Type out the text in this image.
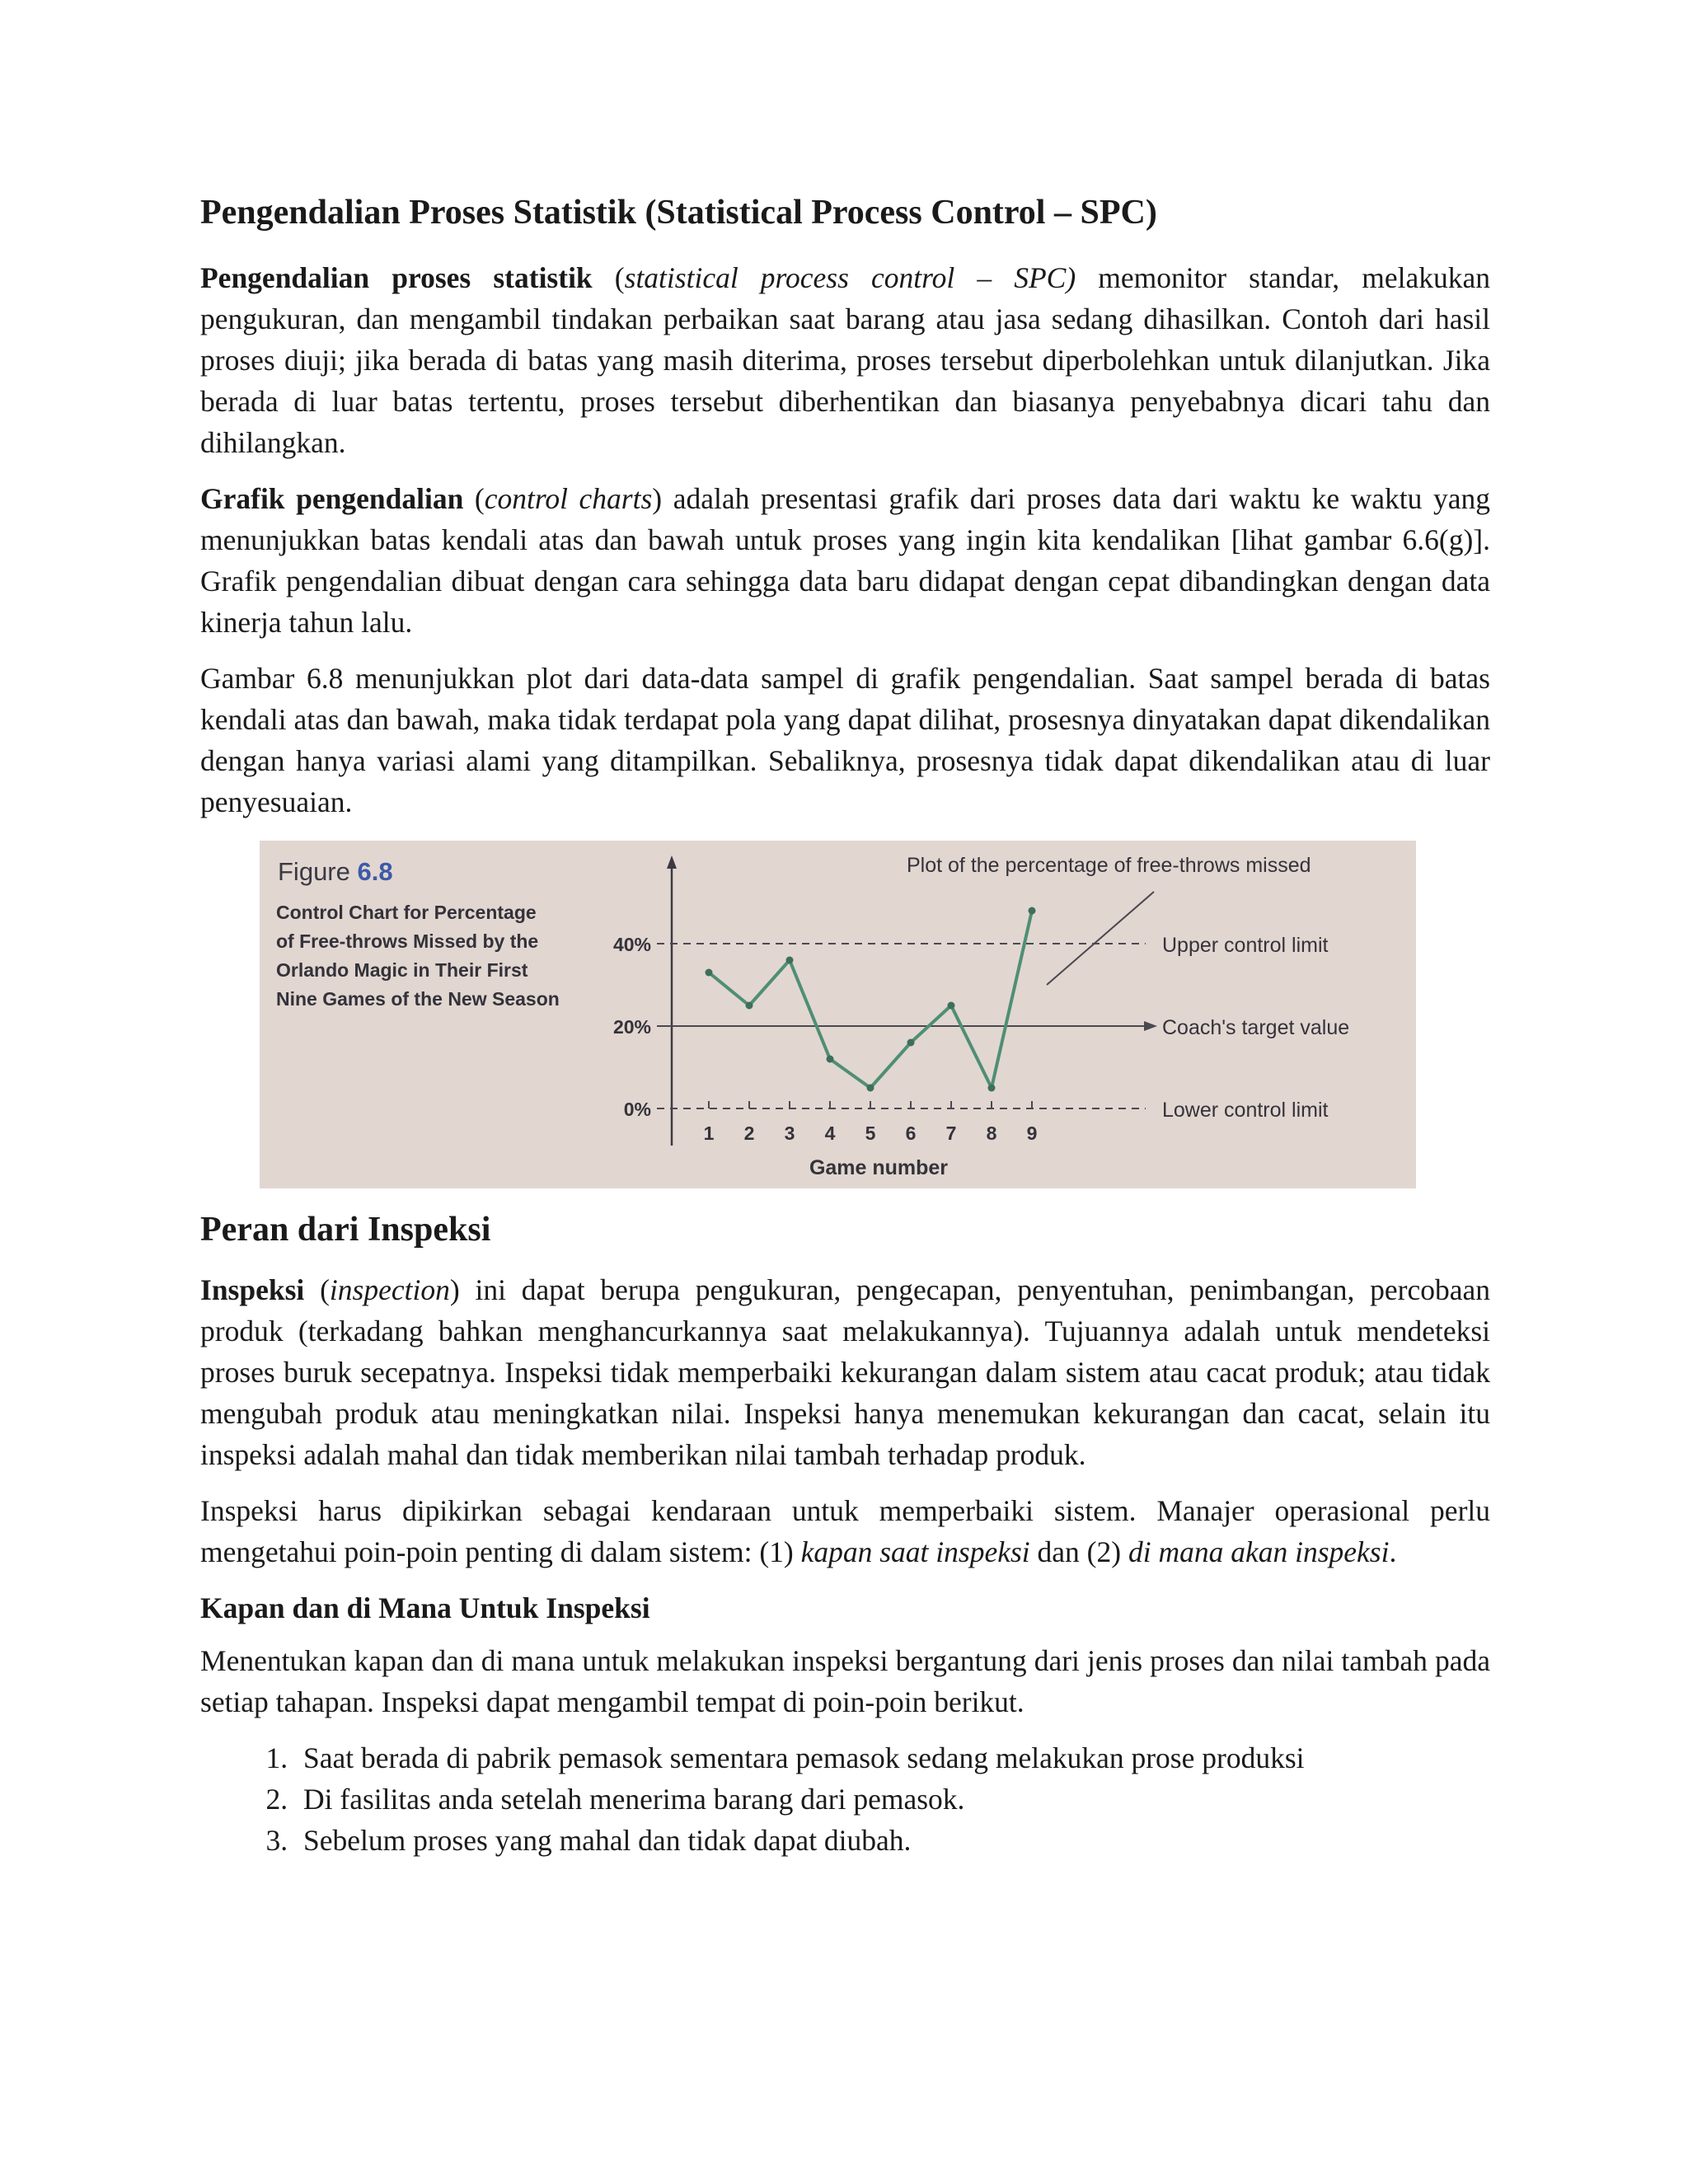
Pengendalian Proses Statistik (Statistical Process Control – SPC)

Pengendalian proses statistik (statistical process control – SPC) memonitor standar, melakukan pengukuran, dan mengambil tindakan perbaikan saat barang atau jasa sedang dihasilkan. Contoh dari hasil proses diuji; jika berada di batas yang masih diterima, proses tersebut diperbolehkan untuk dilanjutkan. Jika berada di luar batas tertentu, proses tersebut diberhentikan dan biasanya penyebabnya dicari tahu dan dihilangkan.

Grafik pengendalian (control charts) adalah presentasi grafik dari proses data dari waktu ke waktu yang menunjukkan batas kendali atas dan bawah untuk proses yang ingin kita kendalikan [lihat gambar 6.6(g)]. Grafik pengendalian dibuat dengan cara sehingga data baru didapat dengan cepat dibandingkan dengan data kinerja tahun lalu.

Gambar 6.8 menunjukkan plot dari data-data sampel di grafik pengendalian. Saat sampel berada di batas kendali atas dan bawah, maka tidak terdapat pola yang dapat dilihat, prosesnya dinyatakan dapat dikendalikan dengan hanya variasi alami yang ditampilkan. Sebaliknya, prosesnya tidak dapat dikendalikan atau di luar penyesuaian.

Figure 6.8
Control Chart for Percentage
of Free-throws Missed by the
Orlando Magic in Their First
Nine Games of the New Season
Upper control limit
Coach's target value
Lower control limit
0%
20%
40%
1 2 3 4 5 6 7 8 9
Game number
Plot of the percentage of free-throws missed
Peran dari Inspeksi

Inspeksi (inspection) ini dapat berupa pengukuran, pengecapan, penyentuhan, penimbangan, percobaan produk (terkadang bahkan menghancurkannya saat melakukannya). Tujuannya adalah untuk mendeteksi proses buruk secepatnya. Inspeksi tidak memperbaiki kekurangan dalam sistem atau cacat produk; atau tidak mengubah produk atau meningkatkan nilai. Inspeksi hanya menemukan kekurangan dan cacat, selain itu inspeksi adalah mahal dan tidak memberikan nilai tambah terhadap produk.

Inspeksi harus dipikirkan sebagai kendaraan untuk memperbaiki sistem. Manajer operasional perlu mengetahui poin-poin penting di dalam sistem: (1) kapan saat inspeksi dan (2) di mana akan inspeksi.

Kapan dan di Mana Untuk Inspeksi

Menentukan kapan dan di mana untuk melakukan inspeksi bergantung dari jenis proses dan nilai tambah pada setiap tahapan. Inspeksi dapat mengambil tempat di poin-poin berikut.

1. Saat berada di pabrik pemasok sementara pemasok sedang melakukan prose produksi
2. Di fasilitas anda setelah menerima barang dari pemasok.
3. Sebelum proses yang mahal dan tidak dapat diubah.
